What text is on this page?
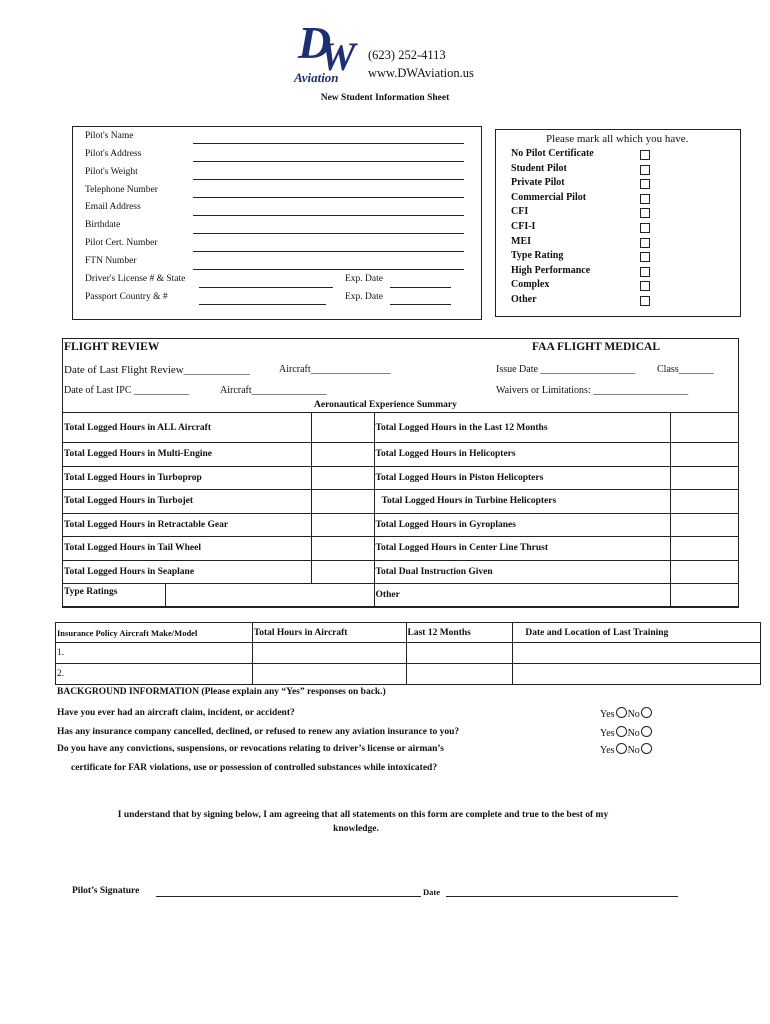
D
W
Aviation
(623) 252-4113
www.DWAviation.us
New Student Information Sheet
Pilot's Name
Pilot's Address
Pilot's Weight
Telephone Number
Email Address
Birthdate
Pilot Cert. Number
FTN Number
Driver's License # & State	Exp. Date
Passport Country & #	Exp. Date
Please mark all which you have.
No Pilot Certificate
Student Pilot
Private Pilot
Commercial Pilot
CFI
CFI-I
MEI
Type Rating
High Performance
Complex
Other
FLIGHT REVIEW	FAA FLIGHT MEDICAL
Date of Last Flight Review____________	Aircraft________________	Issue Date ___________________ Class_______
Date of Last IPC ___________	Aircraft_______________	Waivers or Limitations: ___________________
Aeronautical Experience Summary
Total Logged Hours in ALL Aircraft		Total Logged Hours in the Last 12 Months	
Total Logged Hours in Multi-Engine		Total Logged Hours in Helicopters	
Total Logged Hours in Turboprop		Total Logged Hours in Piston Helicopters	
Total Logged Hours in Turbojet		Total Logged Hours in Turbine Helicopters	
Total Logged Hours in Retractable Gear		Total Logged Hours in Gyroplanes	
Total Logged Hours in Tail Wheel		Total Logged Hours in Center Line Thrust	
Total Logged Hours in Seaplane		Total Dual Instruction Given	

Type Ratings		Other	
Insurance Policy Aircraft Make/Model	Total Hours in Aircraft	Last 12 Months	Date and Location of Last Training
1.			
2.			
BACKGROUND INFORMATION (Please explain any “Yes” responses on back.)
Have you ever had an aircraft claim, incident, or accident?
Has any insurance company cancelled, declined, or refused to renew any aviation insurance to you?
Do you have any convictions, suspensions, or revocations relating to driver’s license or airman’s
certificate for FAR violations, use or possession of controlled substances while intoxicated?
Yes No
Yes No
Yes No
I understand that by signing below, I am agreeing that all statements on this form are complete and true to the best of my
knowledge.
Pilot’s Signature	Date
